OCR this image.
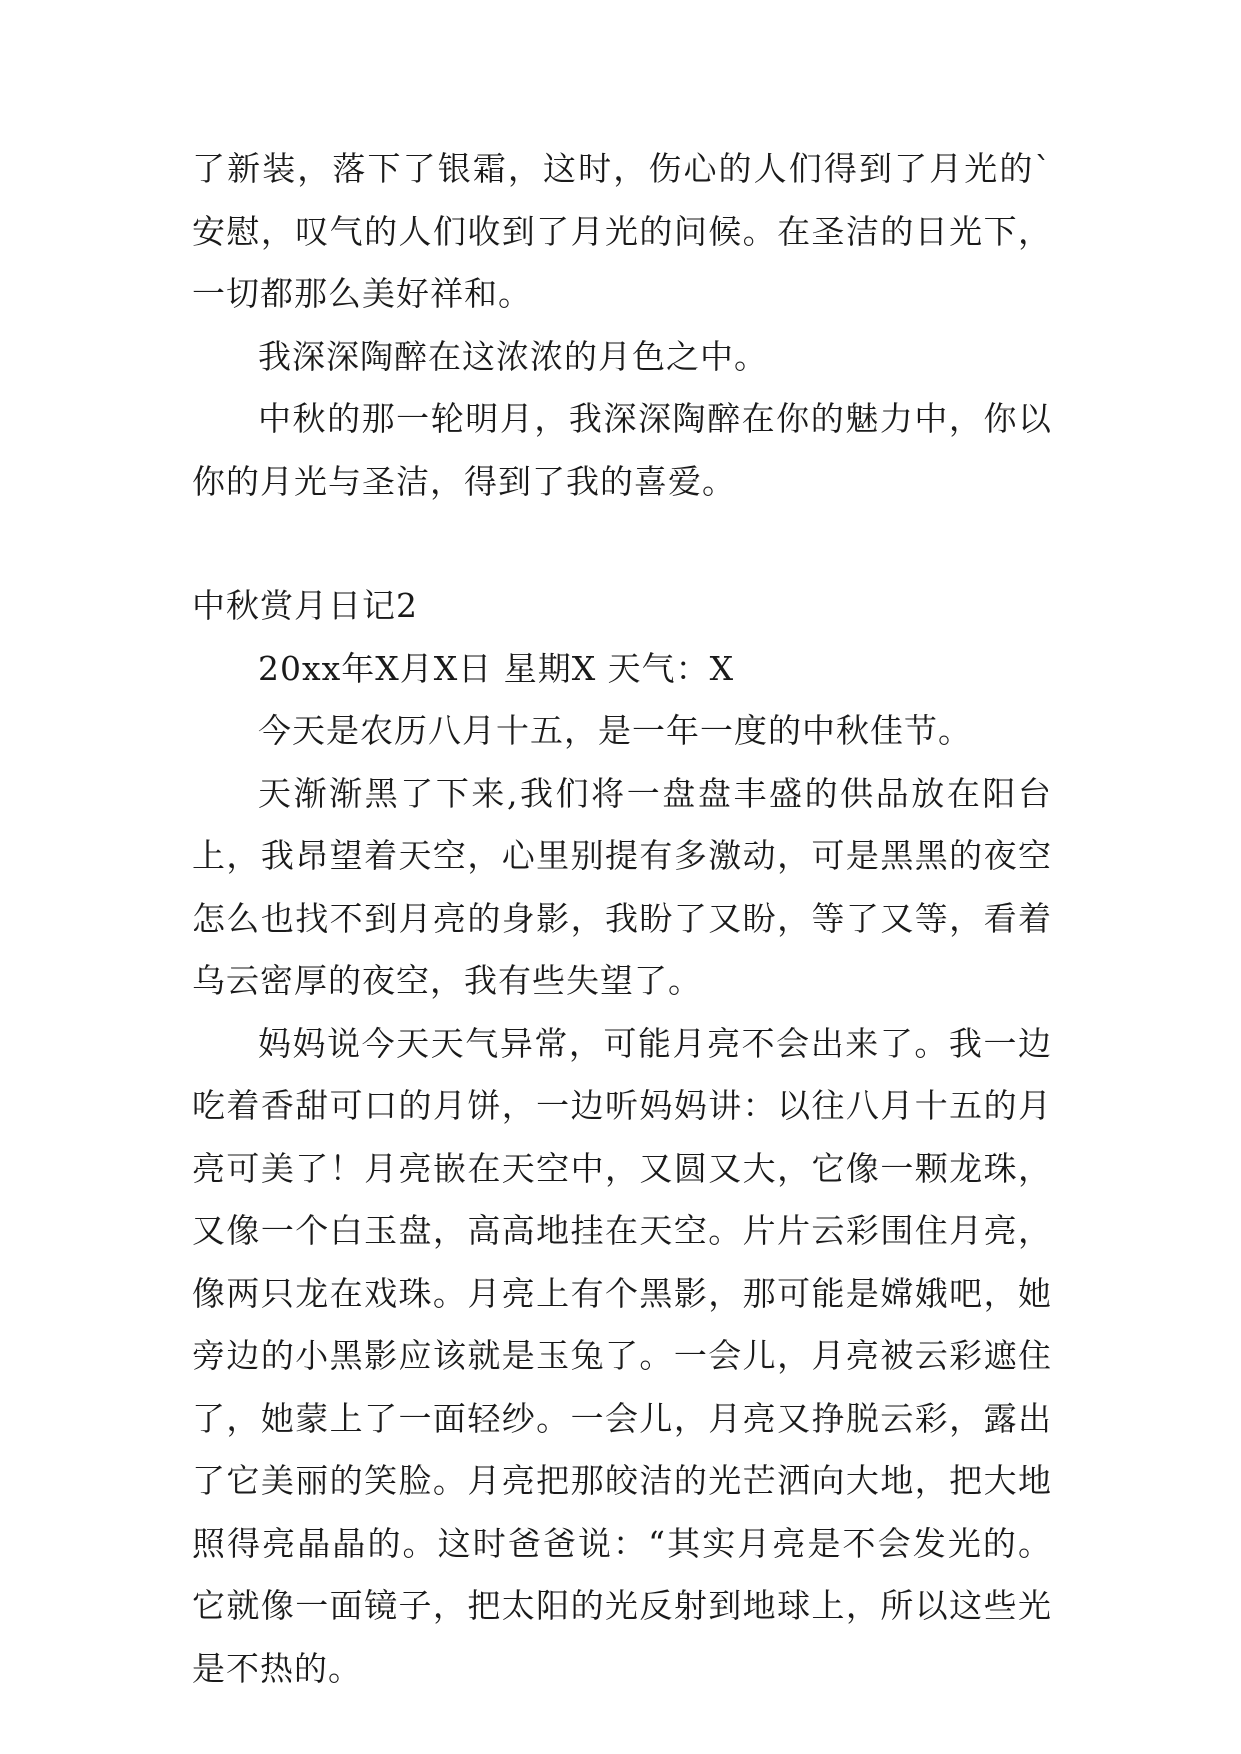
了新装，落下了银霜，这时，伤心的人们得到了月光的`安慰，叹气的人们收到了月光的问候。在圣洁的日光下，一切都那么美好祥和。

我深深陶醉在这浓浓的月色之中。

中秋的那一轮明月，我深深陶醉在你的魅力中，你以你的月光与圣洁，得到了我的喜爱。

中秋赏月日记2

20xx年X月X日 星期X 天气：X

今天是农历八月十五，是一年一度的中秋佳节。

天渐渐黑了下来,我们将一盘盘丰盛的供品放在阳台上，我昂望着天空，心里别提有多激动，可是黑黑的夜空怎么也找不到月亮的身影，我盼了又盼，等了又等，看着乌云密厚的夜空，我有些失望了。

妈妈说今天天气异常，可能月亮不会出来了。我一边吃着香甜可口的月饼，一边听妈妈讲：以往八月十五的月亮可美了！月亮嵌在天空中，又圆又大，它像一颗龙珠，又像一个白玉盘，高高地挂在天空。片片云彩围住月亮，像两只龙在戏珠。月亮上有个黑影，那可能是嫦娥吧，她旁边的小黑影应该就是玉兔了。一会儿，月亮被云彩遮住了，她蒙上了一面轻纱。一会儿，月亮又挣脱云彩，露出了它美丽的笑脸。月亮把那皎洁的光芒洒向大地，把大地照得亮晶晶的。这时爸爸说：“其实月亮是不会发光的。它就像一面镜子，把太阳的光反射到地球上，所以这些光是不热的。
